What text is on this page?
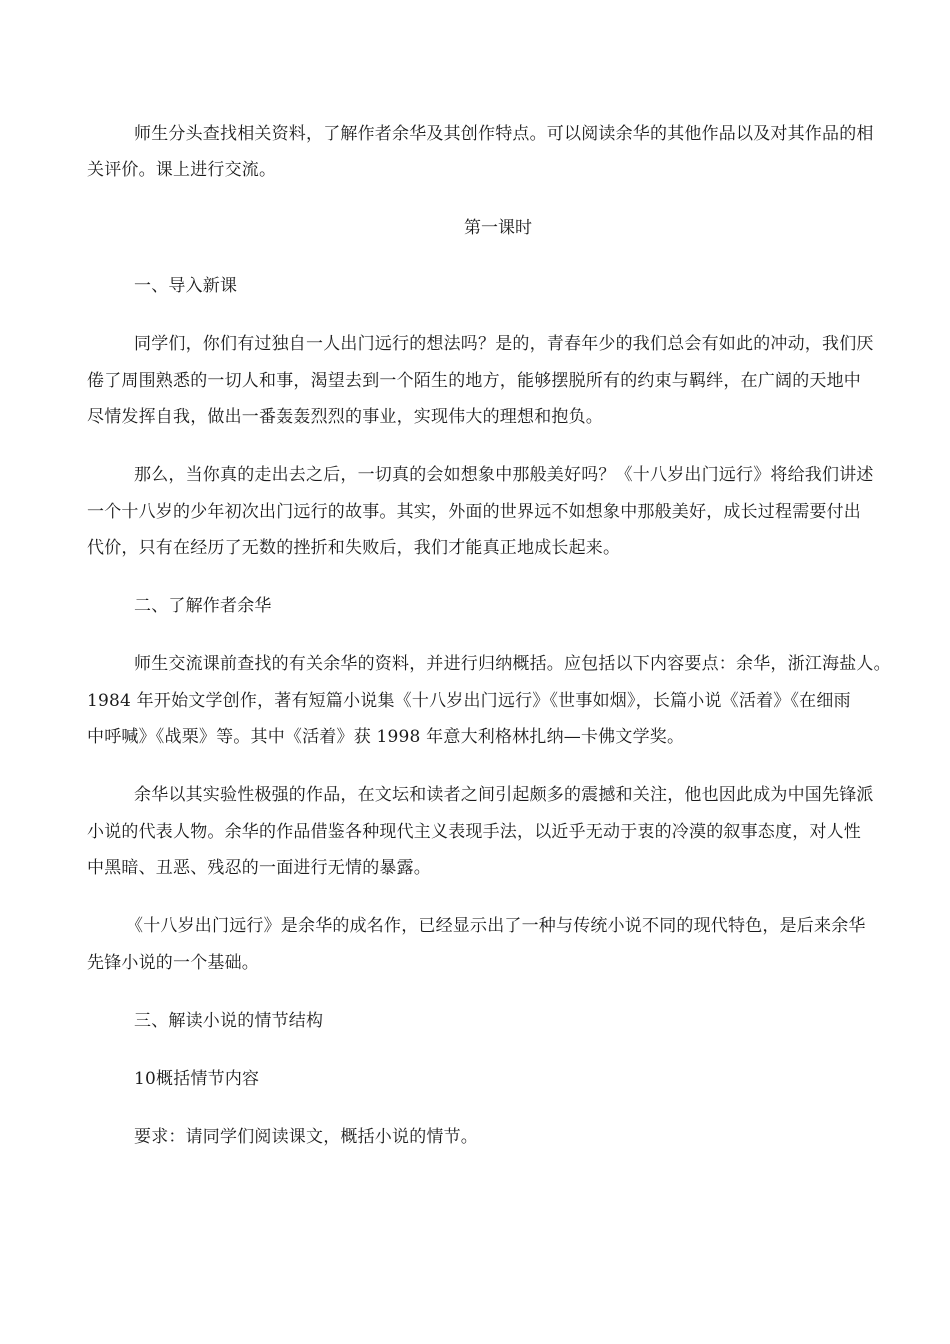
师生分头查找相关资料，了解作者余华及其创作特点。可以阅读余华的其他作品以及对其作品的相
关评价。课上进行交流。
第一课时
一、导入新课
同学们，你们有过独自一人出门远行的想法吗？是的，青春年少的我们总会有如此的冲动，我们厌
倦了周围熟悉的一切人和事，渴望去到一个陌生的地方，能够摆脱所有的约束与羁绊，在广阔的天地中
尽情发挥自我，做出一番轰轰烈烈的事业，实现伟大的理想和抱负。
那么，当你真的走出去之后，一切真的会如想象中那般美好吗？《十八岁出门远行》将给我们讲述
一个十八岁的少年初次出门远行的故事。其实，外面的世界远不如想象中那般美好，成长过程需要付出
代价，只有在经历了无数的挫折和失败后，我们才能真正地成长起来。
二、了解作者余华
师生交流课前查找的有关余华的资料，并进行归纳概括。应包括以下内容要点：余华，浙江海盐人。
1984 年开始文学创作，著有短篇小说集《十八岁出门远行》《世事如烟》，长篇小说《活着》《在细雨
中呼喊》《战栗》等。其中《活着》获 1998 年意大利格林扎纳—卡佛文学奖。
余华以其实验性极强的作品，在文坛和读者之间引起颇多的震撼和关注，他也因此成为中国先锋派
小说的代表人物。余华的作品借鉴各种现代主义表现手法，以近乎无动于衷的冷漠的叙事态度，对人性
中黑暗、丑恶、残忍的一面进行无情的暴露。
《十八岁出门远行》是余华的成名作，已经显示出了一种与传统小说不同的现代特色，是后来余华
先锋小说的一个基础。
三、解读小说的情节结构
10概括情节内容
要求：请同学们阅读课文，概括小说的情节。
